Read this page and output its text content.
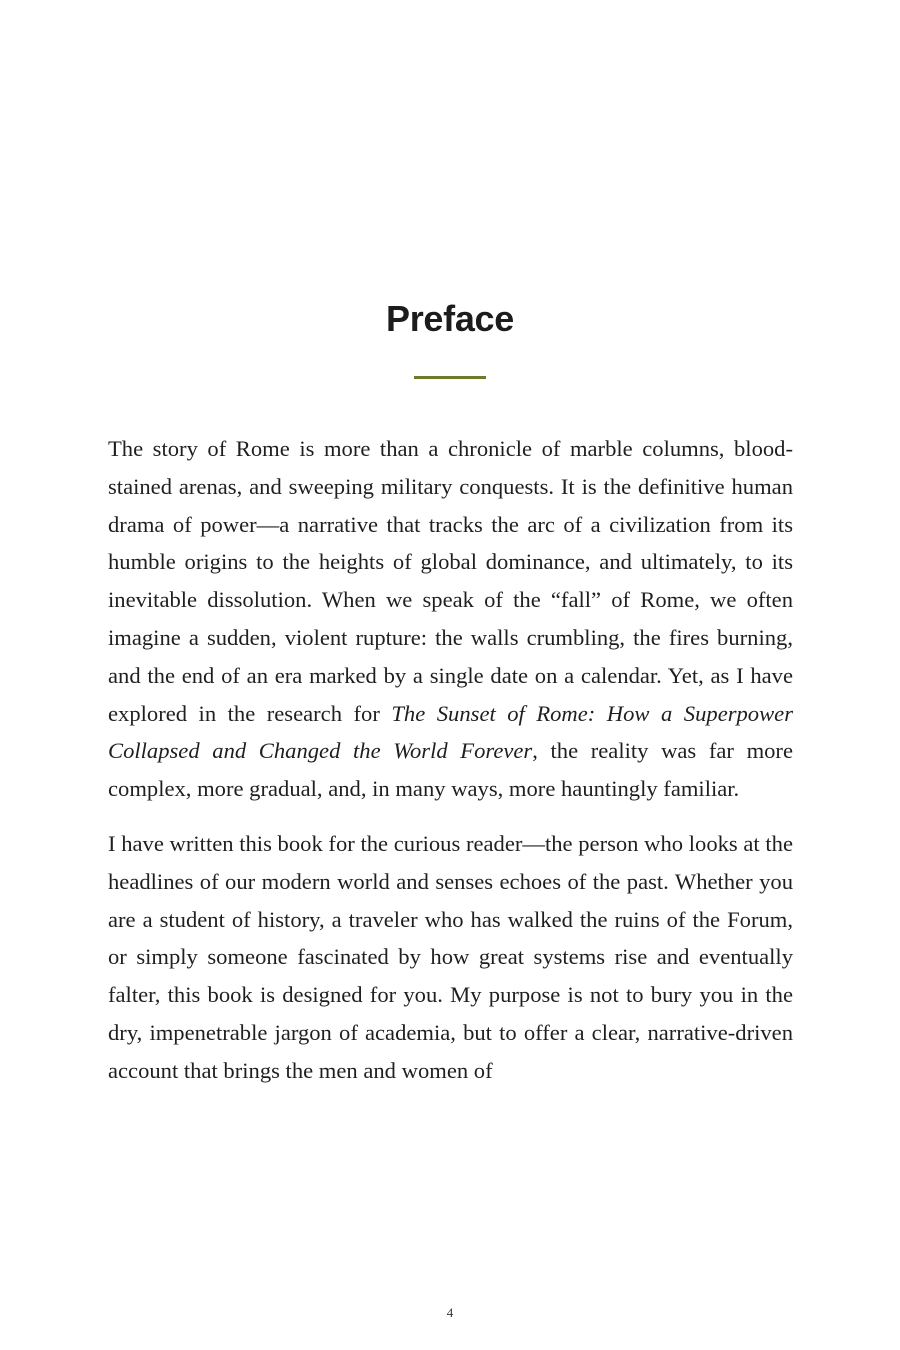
Preface

The story of Rome is more than a chronicle of marble columns, blood-stained arenas, and sweeping military conquests. It is the definitive human drama of power—a narrative that tracks the arc of a civilization from its humble origins to the heights of global dominance, and ultimately, to its inevitable dissolution. When we speak of the “fall” of Rome, we often imagine a sudden, violent rupture: the walls crumbling, the fires burning, and the end of an era marked by a single date on a calendar. Yet, as I have explored in the research for The Sunset of Rome: How a Superpower Collapsed and Changed the World Forever, the reality was far more complex, more gradual, and, in many ways, more hauntingly familiar.

I have written this book for the curious reader—the person who looks at the headlines of our modern world and senses echoes of the past. Whether you are a student of history, a traveler who has walked the ruins of the Forum, or simply someone fascinated by how great systems rise and eventually falter, this book is designed for you. My purpose is not to bury you in the dry, impenetrable jargon of academia, but to offer a clear, narrative-driven account that brings the men and women of

4
